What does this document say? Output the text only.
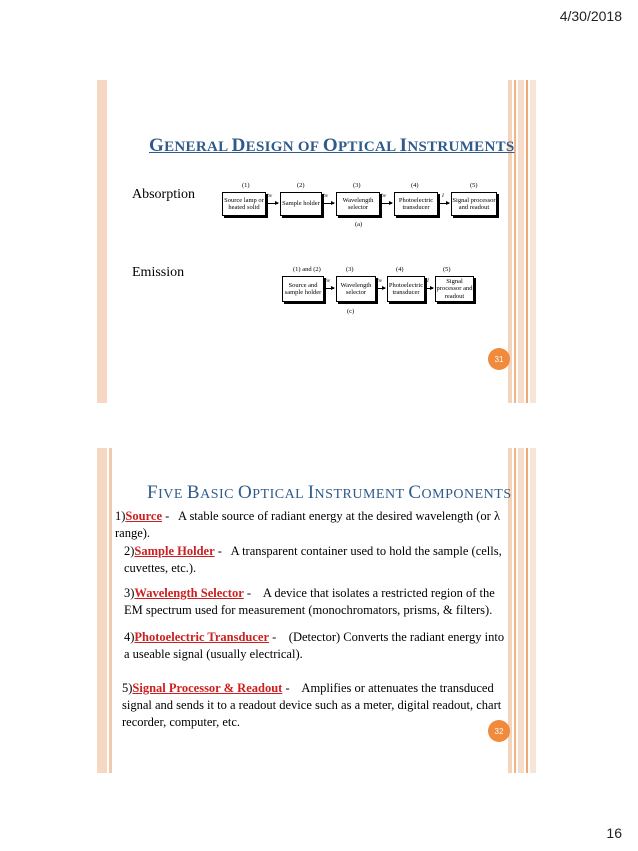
4/30/2018
GENERAL DESIGN OF OPTICAL INSTRUMENTS
Absorption
Emission
(1)	(2)	(3)	(4)	(5)
Source lamp or heated solid
hν
Sample holder
hν
Wavelength selector
hν
Photoelectric transducer
I
Signal processor and readout
(a)
(1) and (2)	(3)	(4)	(5)
Source and sample holder
hν
Wavelength selector
hν
Photoelectric transducer
I	Signal processor and readout
(c)
31
FIVE BASIC OPTICAL INSTRUMENT COMPONENTS
1)Source -   A stable source of radiant energy at the desired wavelength (or λ range).
2)Sample Holder -   A transparent container used to hold the sample (cells, cuvettes, etc.).
3)Wavelength Selector -    A device that isolates a restricted region of the EM spectrum used for measurement (monochromators, prisms, & filters).
4)Photoelectric Transducer -    (Detector) Converts the radiant energy into a useable signal (usually electrical).
5)Signal Processor & Readout -    Amplifies or attenuates the transduced signal and sends it to a readout device such as a meter, digital readout, chart recorder, computer, etc.
32
16
